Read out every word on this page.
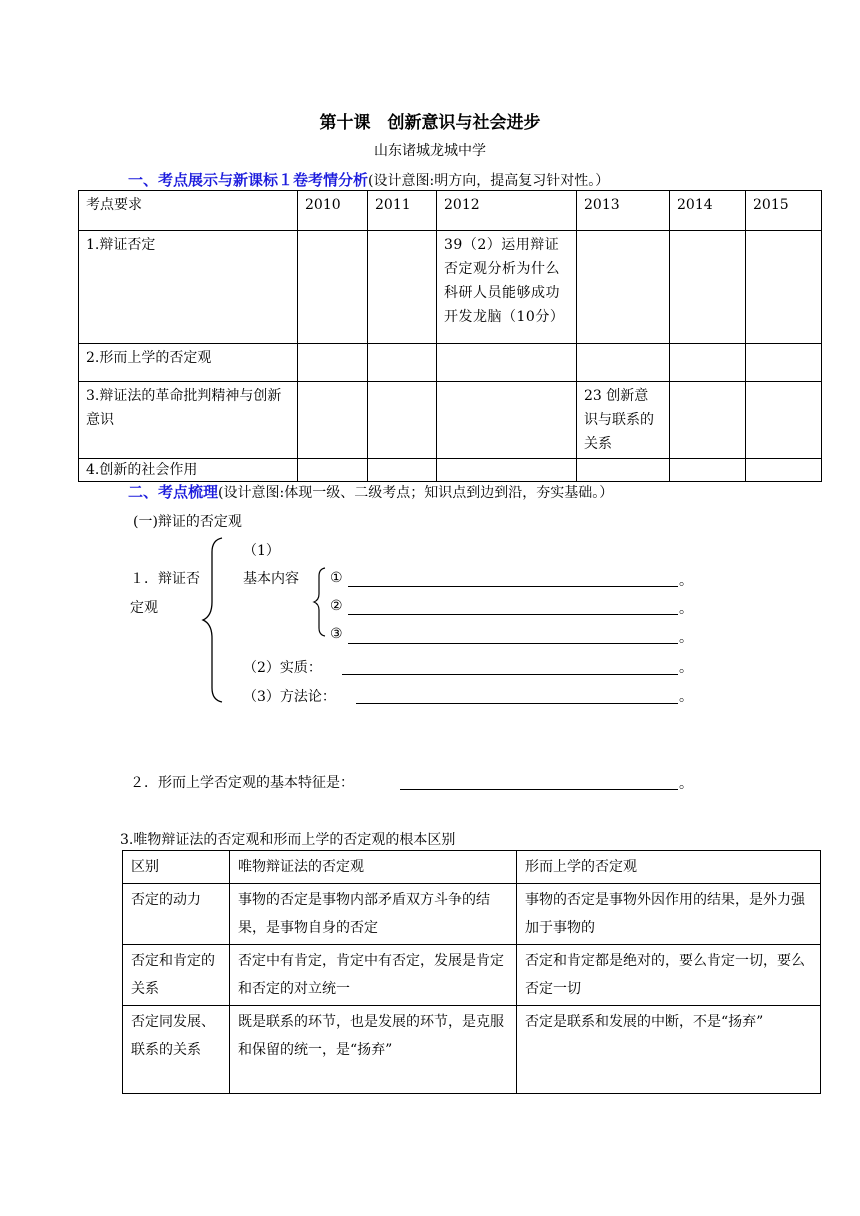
第十课　创新意识与社会进步
山东诸城龙城中学
一、考点展示与新课标１卷考情分析(设计意图:明方向，提高复习针对性。）
考点要求	2010	2011	2012	2013	2014	2015
1.辩证否定			39（2）运用辩证否定观分析为什么科研人员能够成功开发龙脑（10分）			
2.形而上学的否定观						
3.辩证法的革命批判精神与创新意识				23 创新意识与联系的关系		
4.创新的社会作用						
二、考点梳理(设计意图:体现一级、二级考点；知识点到边到沿，夯实基础。）
(一)辩证的否定观
１．辩证否
定观
（1）
基本内容 ①	。
②	。
③	。
（2）实质：	。
（3）方法论：	。
２．形而上学否定观的基本特征是：	。
3.唯物辩证法的否定观和形而上学的否定观的根本区别
区别	唯物辩证法的否定观	形而上学的否定观
否定的动力	事物的否定是事物内部矛盾双方斗争的结果，是事物自身的否定	事物的否定是事物外因作用的结果，是外力强加于事物的
否定和肯定的关系	否定中有肯定，肯定中有否定，发展是肯定和否定的对立统一	否定和肯定都是绝对的，要么肯定一切，要么否定一切
否定同发展、联系的关系	既是联系的环节，也是发展的环节，是克服和保留的统一，是“扬弃”	否定是联系和发展的中断，不是“扬弃”
